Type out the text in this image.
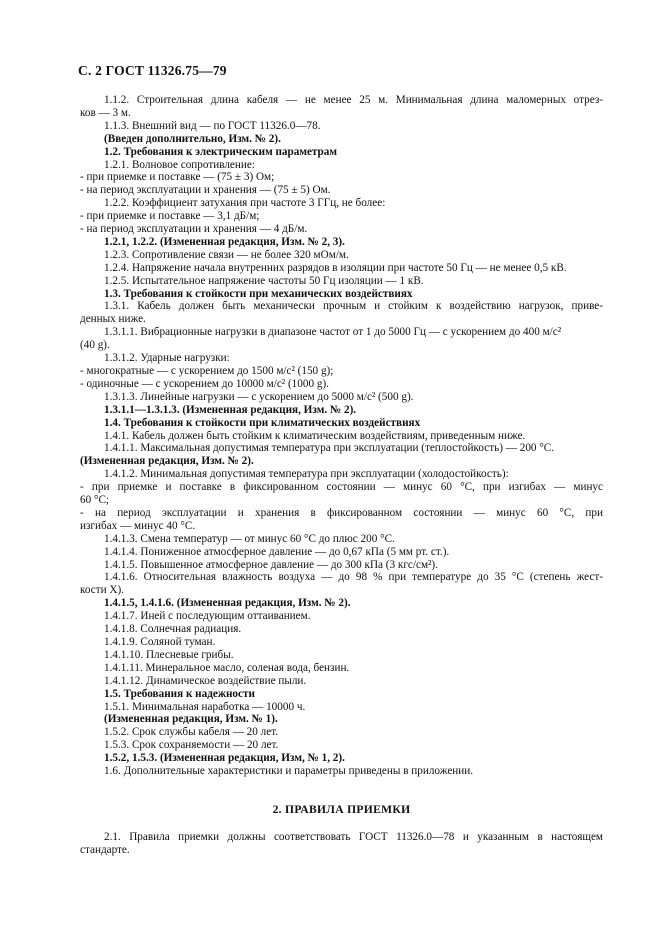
С. 2 ГОСТ 11326.75—79
1.1.2. Строительная длина кабеля — не менее 25 м. Минимальная длина маломерных отрез-
ков — 3 м.
1.1.3. Внешний вид — по ГОСТ 11326.0—78.
(Введен дополнительно, Изм. № 2).
1.2. Требования к электрическим параметрам
1.2.1. Волновое сопротивление:
- при приемке и поставке — (75 ± 3) Ом;
- на период эксплуатации и хранения — (75 ± 5) Ом.
1.2.2. Коэффициент затухания при частоте 3 ГГц, не более:
- при приемке и поставке — 3,1 дБ/м;
- на период эксплуатации и хранения — 4 дБ/м.
1.2.1, 1.2.2. (Измененная редакция, Изм. № 2, 3).
1.2.3. Сопротивление связи — не более 320 мОм/м.
1.2.4. Напряжение начала внутренних разрядов в изоляции при частоте 50 Гц — не менее 0,5 кВ.
1.2.5. Испытательное напряжение частоты 50 Гц изоляции — 1 кВ.
1.3. Требования к стойкости при механических воздействиях
1.3.1. Кабель должен быть механически прочным и стойким к воздействию нагрузок, приве-
денных ниже.
1.3.1.1. Вибрационные нагрузки в диапазоне частот от 1 до 5000 Гц — с ускорением до 400 м/с²
(40 g).
1.3.1.2. Ударные нагрузки:
- многократные — с ускорением до 1500 м/с² (150 g);
- одиночные — с ускорением до 10000 м/с² (1000 g).
1.3.1.3. Линейные нагрузки — с ускорением до 5000 м/с² (500 g).
1.3.1.1—1.3.1.3. (Измененная редакция, Изм. № 2).
1.4. Требования к стойкости при климатических воздействиях
1.4.1. Кабель должен быть стойким к климатическим воздействиям, приведенным ниже.
1.4.1.1. Максимальная допустимая температура при эксплуатации (теплостойкость) — 200 °С.
(Измененная редакция, Изм. № 2).
1.4.1.2. Минимальная допустимая температура при эксплуатации (холодостойкость):
- при приемке и поставке в фиксированном состоянии — минус 60 °С, при изгибах — минус
60 °С;
- на период эксплуатации и хранения в фиксированном состоянии — минус 60 °С, при
изгибах — минус 40 °С.
1.4.1.3. Смена температур — от минус 60 °С до плюс 200 °С.
1.4.1.4. Пониженное атмосферное давление — до 0,67 кПа (5 мм рт. ст.).
1.4.1.5. Повышенное атмосферное давление — до 300 кПа (3 кгс/см²).
1.4.1.6. Относительная влажность воздуха — до 98 % при температуре до 35 °С (степень жест-
кости X).
1.4.1.5, 1.4.1.6. (Измененная редакция, Изм. № 2).
1.4.1.7. Иней с последующим оттаиванием.
1.4.1.8. Солнечная радиация.
1.4.1.9. Соляной туман.
1.4.1.10. Плесневые грибы.
1.4.1.11. Минеральное масло, соленая вода, бензин.
1.4.1.12. Динамическое воздействие пыли.
1.5. Требования к надежности
1.5.1. Минимальная наработка — 10000 ч.
(Измененная редакция, Изм. № 1).
1.5.2. Срок службы кабеля — 20 лет.
1.5.3. Срок сохраняемости — 20 лет.
1.5.2, 1.5.3. (Измененная редакция, Изм, № 1, 2).
1.6. Дополнительные характеристики и параметры приведены в приложении.
2. ПРАВИЛА ПРИЕМКИ
2.1. Правила приемки должны соответствовать ГОСТ 11326.0—78 и указанным в настоящем
стандарте.
